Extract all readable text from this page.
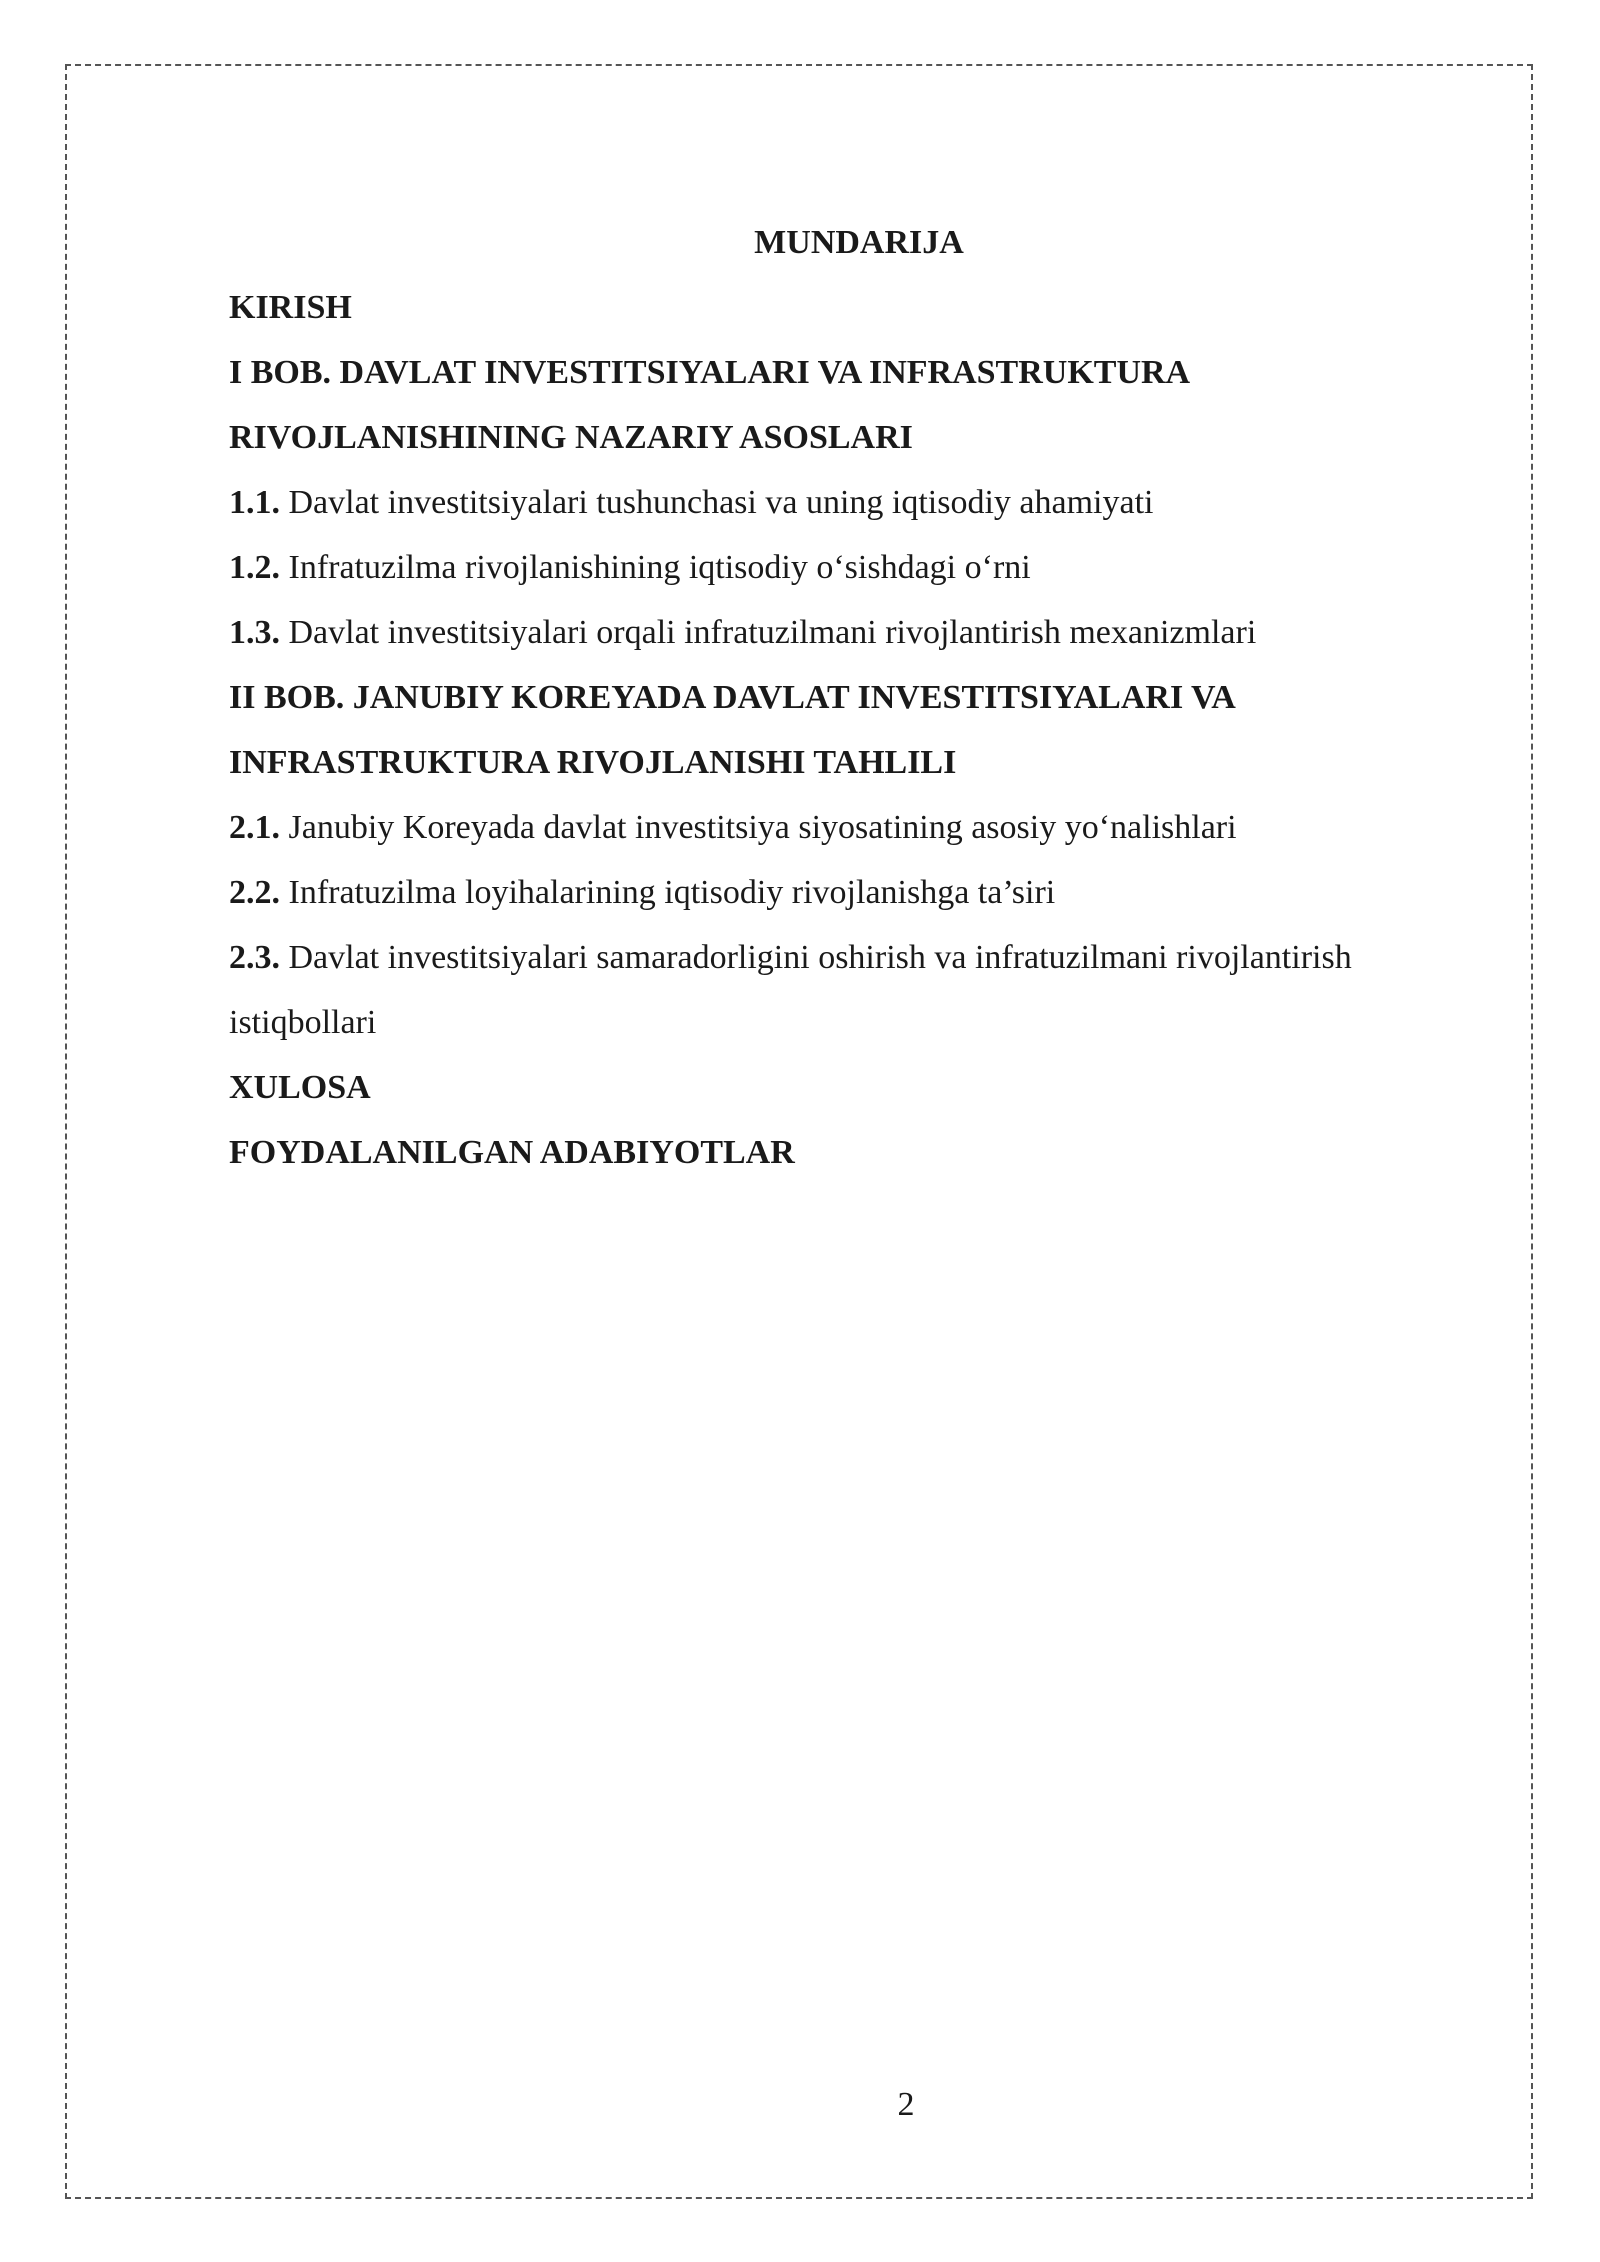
MUNDARIJA
KIRISH
I BOB. DAVLAT INVESTITSIYALARI VA INFRASTRUKTURA
RIVOJLANISHINING NAZARIY ASOSLARI
1.1. Davlat investitsiyalari tushunchasi va uning iqtisodiy ahamiyati
1.2. Infratuzilma rivojlanishining iqtisodiy o‘sishdagi o‘rni
1.3. Davlat investitsiyalari orqali infratuzilmani rivojlantirish mexanizmlari
II BOB. JANUBIY KOREYADA DAVLAT INVESTITSIYALARI VA
INFRASTRUKTURA RIVOJLANISHI TAHLILI
2.1. Janubiy Koreyada davlat investitsiya siyosatining asosiy yo‘nalishlari
2.2. Infratuzilma loyihalarining iqtisodiy rivojlanishga ta’siri
2.3. Davlat investitsiyalari samaradorligini oshirish va infratuzilmani rivojlantirish istiqbollari
XULOSA
FOYDALANILGAN ADABIYOTLAR
2
